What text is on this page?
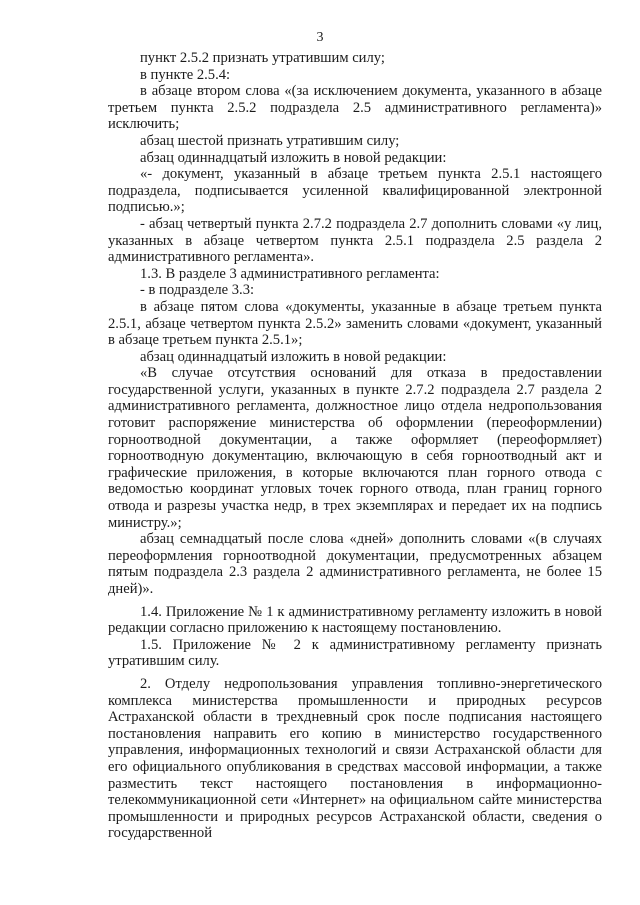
3

пункт 2.5.2 признать утратившим силу;

в пункте 2.5.4:

в абзаце втором слова «(за исключением документа, указанного в абзаце третьем пункта 2.5.2 подраздела 2.5 административного регламента)» исключить;

абзац шестой признать утратившим силу;

абзац одиннадцатый изложить в новой редакции:

«- документ, указанный в абзаце третьем пункта 2.5.1 настоящего подраздела, подписывается усиленной квалифицированной электронной подписью.»;

- абзац четвертый пункта 2.7.2 подраздела 2.7 дополнить словами «у лиц, указанных в абзаце четвертом пункта 2.5.1 подраздела 2.5 раздела 2 административного регламента».

1.3. В разделе 3 административного регламента:

- в подразделе 3.3:

в абзаце пятом слова «документы, указанные в абзаце третьем пункта 2.5.1, абзаце четвертом пункта 2.5.2» заменить словами «документ, указанный в абзаце третьем пункта 2.5.1»;

абзац одиннадцатый изложить в новой редакции:

«В случае отсутствия оснований для отказа в предоставлении государственной услуги, указанных в пункте 2.7.2 подраздела 2.7 раздела 2 административного регламента, должностное лицо отдела недропользования готовит распоряжение министерства об оформлении (переоформлении) горноотводной документации, а также оформляет (переоформляет) горноотводную документацию, включающую в себя горноотводный акт и графические приложения, в которые включаются план горного отвода с ведомостью координат угловых точек горного отвода, план границ горного отвода и разрезы участка недр, в трех экземплярах и передает их на подпись министру.»;

абзац семнадцатый после слова «дней» дополнить словами «(в случаях переоформления горноотводной документации, предусмотренных абзацем пятым подраздела 2.3 раздела 2 административного регламента, не более 15 дней)».

1.4. Приложение № 1 к административному регламенту изложить в новой редакции согласно приложению к настоящему постановлению.

1.5. Приложение № 2 к административному регламенту признать утратившим силу.

2. Отделу недропользования управления топливно-энергетического комплекса министерства промышленности и природных ресурсов Астраханской области в трехдневный срок после подписания настоящего постановления направить его копию в министерство государственного управления, информационных технологий и связи Астраханской области для его официального опубликования в средствах массовой информации, а также разместить текст настоящего постановления в информационно-телекоммуникационной сети «Интернет» на официальном сайте министерства промышленности и природных ресурсов Астраханской области, сведения о государственной
